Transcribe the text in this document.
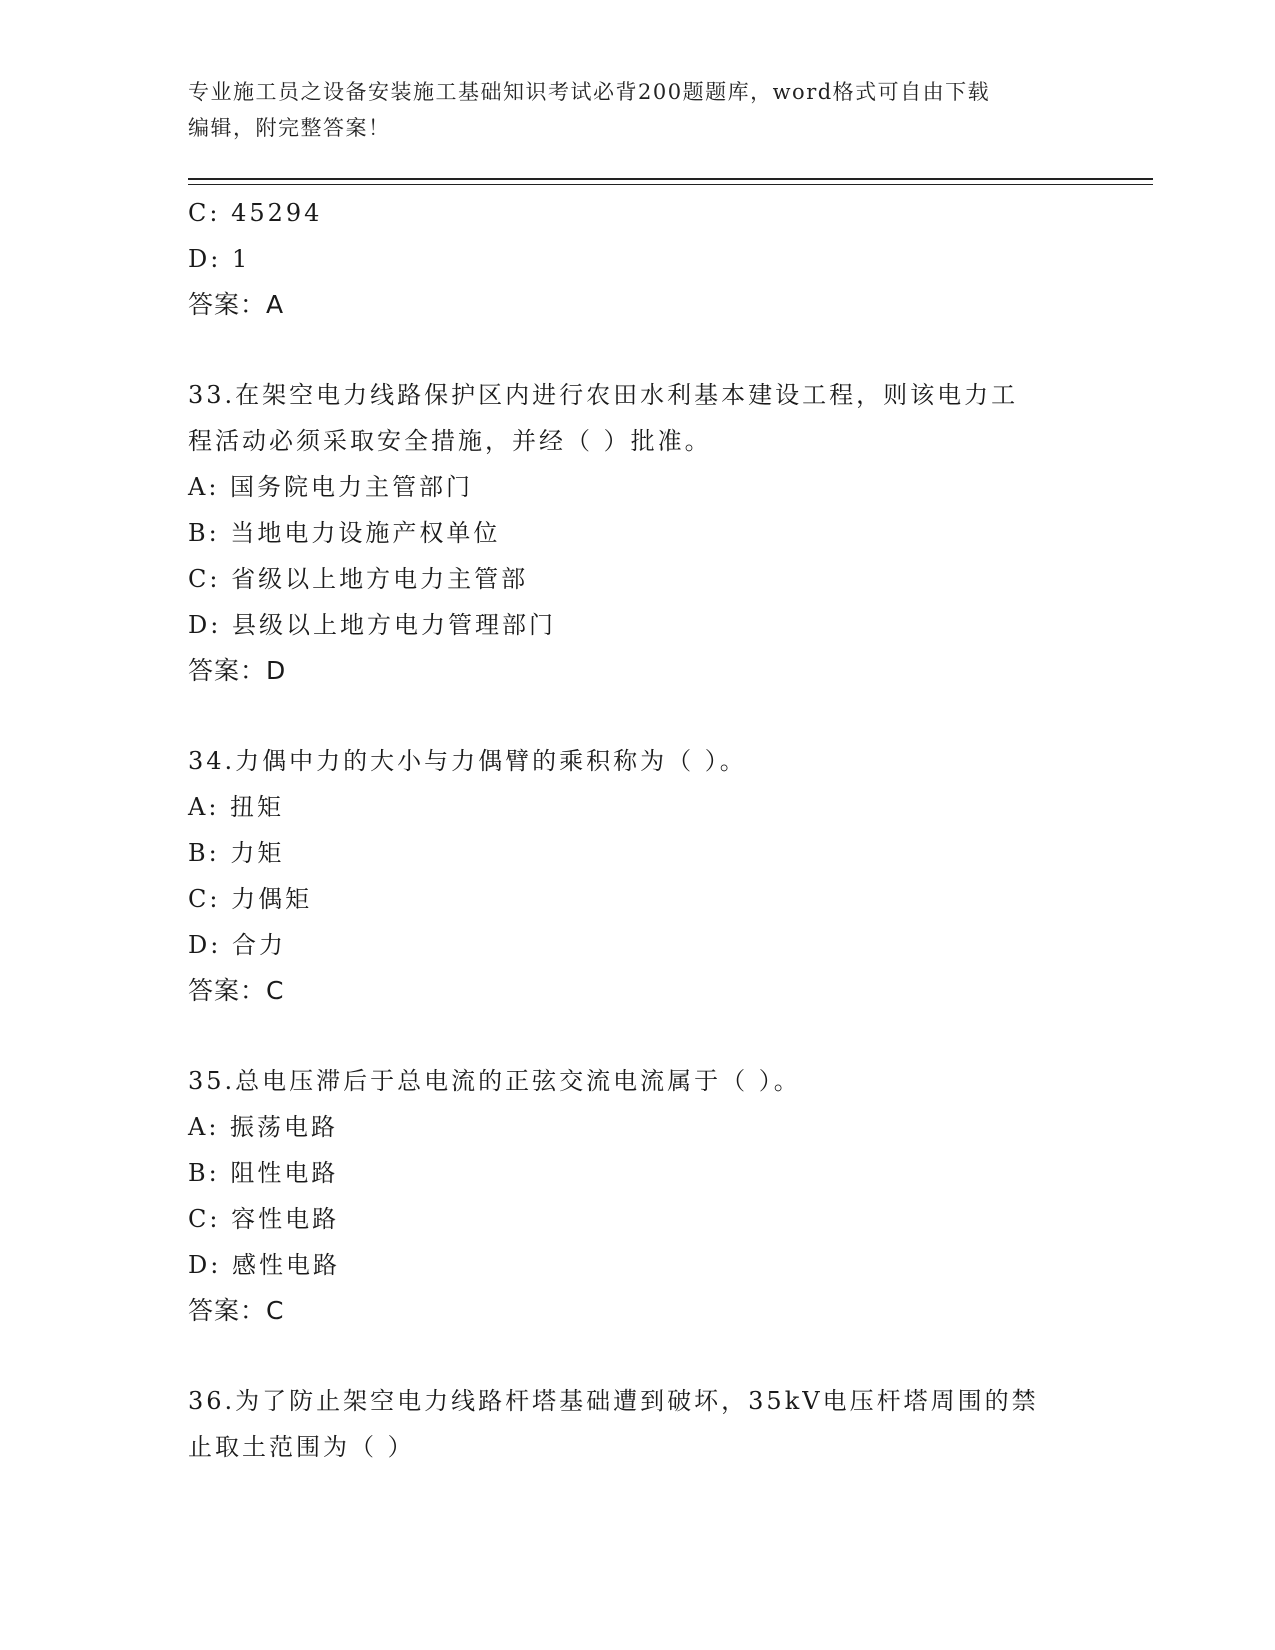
专业施工员之设备安装施工基础知识考试必背200题题库，word格式可自由下载
编辑，附完整答案！
C: 45294
D: 1
答案：A
33.在架空电力线路保护区内进行农田水利基本建设工程，则该电力工
程活动必须采取安全措施，并经（ ）批准。
A: 国务院电力主管部门
B: 当地电力设施产权单位
C: 省级以上地方电力主管部
D: 县级以上地方电力管理部门
答案：D
34.力偶中力的大小与力偶臂的乘积称为（ ）。
A: 扭矩
B: 力矩
C: 力偶矩
D: 合力
答案：C
35.总电压滞后于总电流的正弦交流电流属于（ ）。
A: 振荡电路
B: 阻性电路
C: 容性电路
D: 感性电路
答案：C
36.为了防止架空电力线路杆塔基础遭到破坏，35kV电压杆塔周围的禁
止取土范围为（ ）
